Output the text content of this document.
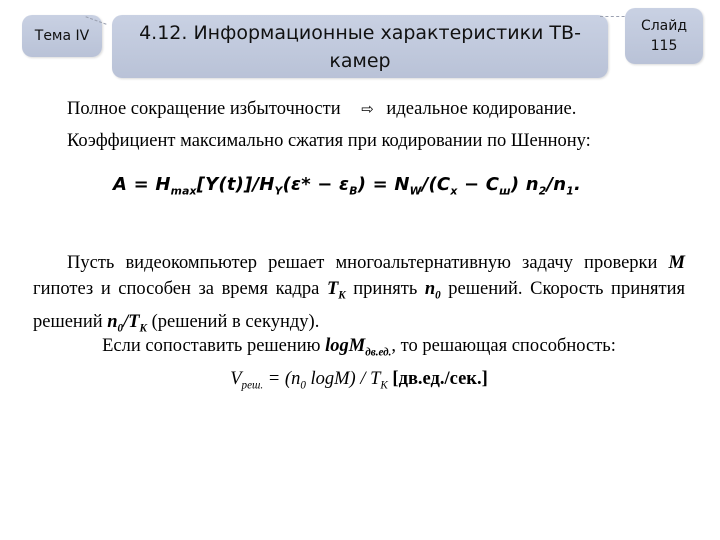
Тема IV	4.12. Информационные характеристики ТВ-камер
Слайд
115
Полное сокращение избыточности ⇨ идеальное кодирование.
Коэффициент максимально сжатия при кодировании по Шеннону:
$A = H_{max}[Y(t)]/H_Y(\varepsilon* - \varepsilon_B) = N_W/(C_x - C_ш)$ $n_2/n_1$.
Пусть видеокомпьютер решает многоальтернативную задачу проверки M гипотез и способен за время кадра $T_K$ принять $n_0$ решений. Скорость принятия решений $n_0/T_K$ (решений в секунду).
Если сопоставить решению logM$_{дв.ед.}$, то решающая способность:
$V_{реш.} = (n_0$ $\log M) / T_K$ [дв.ед./сек.]
